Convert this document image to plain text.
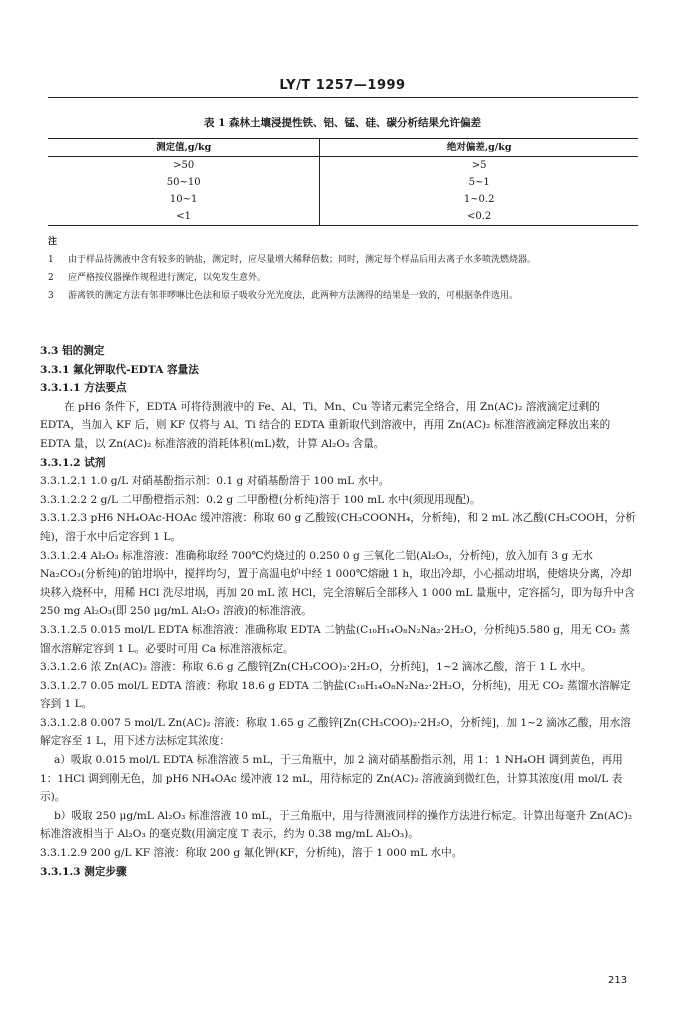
LY/T 1257—1999
表 1 森林土壤浸提性铁、铝、锰、硅、碳分析结果允许偏差
测定值,g/kg	绝对偏差,g/kg
>50	>5
50~10	5~1
10~1	1~0.2
<1	<0.2
注
1	由于样品待测液中含有较多的钠盐，测定时，应尽量增大稀释倍数；同时，测定每个样品后用去离子水多喷洗燃烧器。
2	应严格按仪器操作规程进行测定，以免发生意外。
3	游离铁的测定方法有邻菲啰啉比色法和原子吸收分光光度法，此两种方法测得的结果是一致的，可根据条件选用。

3.3 铝的测定

3.3.1 氟化钾取代-EDTA 容量法

3.3.1.1 方法要点

在 pH6 条件下，EDTA 可将待测液中的 Fe、Al、Ti、Mn、Cu 等诸元素完全络合，用 Zn(AC)₂ 溶液滴定过剩的 EDTA，当加入 KF 后，则 KF 仅将与 Al、Ti 结合的 EDTA 重新取代到溶液中，再用 Zn(AC)₂ 标准溶液滴定释放出来的 EDTA 量，以 Zn(AC)₂ 标准溶液的消耗体积(mL)数，计算 Al₂O₃ 含量。

3.3.1.2 试剂

3.3.1.2.1 1.0 g/L 对硝基酚指示剂：0.1 g 对硝基酚溶于 100 mL 水中。

3.3.1.2.2 2 g/L 二甲酚橙指示剂：0.2 g 二甲酚橙(分析纯)溶于 100 mL 水中(须现用现配)。

3.3.1.2.3 pH6 NH₄OAc-HOAc 缓冲溶液：称取 60 g 乙酸铵(CH₃COONH₄，分析纯)，和 2 mL 冰乙酸(CH₃COOH，分析纯)，溶于水中后定容到 1 L。

3.3.1.2.4 Al₂O₃ 标准溶液：准确称取经 700℃灼烧过的 0.250 0 g 三氧化二铝(Al₂O₃，分析纯)，放入加有 3 g 无水 Na₂CO₃(分析纯)的铂坩埚中，搅拌均匀，置于高温电炉中经 1 000℃熔融 1 h，取出冷却，小心摇动坩埚，使熔块分离，冷却块移入烧杯中，用稀 HCl 洗尽坩埚，再加 20 mL 浓 HCl，完全溶解后全部移入 1 000 mL 量瓶中，定容摇匀，即为每升中含 250 mg Al₂O₃(即 250 μg/mL Al₂O₃ 溶液)的标准溶液。

3.3.1.2.5 0.015 mol/L EDTA 标准溶液：准确称取 EDTA 二钠盐(C₁₀H₁₄O₈N₂Na₂·2H₂O，分析纯)5.580 g，用无 CO₂ 蒸馏水溶解定容到 1 L。必要时可用 Ca 标准溶液标定。

3.3.1.2.6 浓 Zn(AC)₂ 溶液：称取 6.6 g 乙酸锌[Zn(CH₃COO)₂·2H₂O，分析纯]，1~2 滴冰乙酸，溶于 1 L 水中。

3.3.1.2.7 0.05 mol/L EDTA 溶液：称取 18.6 g EDTA 二钠盐(C₁₀H₁₄O₈N₂Na₂·2H₂O，分析纯)，用无 CO₂ 蒸馏水溶解定容到 1 L。

3.3.1.2.8 0.007 5 mol/L Zn(AC)₂ 溶液：称取 1.65 g 乙酸锌[Zn(CH₃COO)₂·2H₂O，分析纯]，加 1~2 滴冰乙酸，用水溶解定容至 1 L，用下述方法标定其浓度：

a）吸取 0.015 mol/L EDTA 标准溶液 5 mL，于三角瓶中，加 2 滴对硝基酚指示剂，用 1：1 NH₄OH 调到黄色，再用 1：1HCl 调到刚无色，加 pH6 NH₄OAc 缓冲液 12 mL，用待标定的 Zn(AC)₂ 溶液滴到微红色，计算其浓度(用 mol/L 表示)。

b）吸取 250 μg/mL Al₂O₃ 标准溶液 10 mL，于三角瓶中，用与待测液同样的操作方法进行标定。计算出每毫升 Zn(AC)₂ 标准溶液相当于 Al₂O₃ 的毫克数(用滴定度 T 表示，约为 0.38 mg/mL Al₂O₃)。

3.3.1.2.9 200 g/L KF 溶液：称取 200 g 氟化钾(KF，分析纯)，溶于 1 000 mL 水中。

3.3.1.3 测定步骤

213
